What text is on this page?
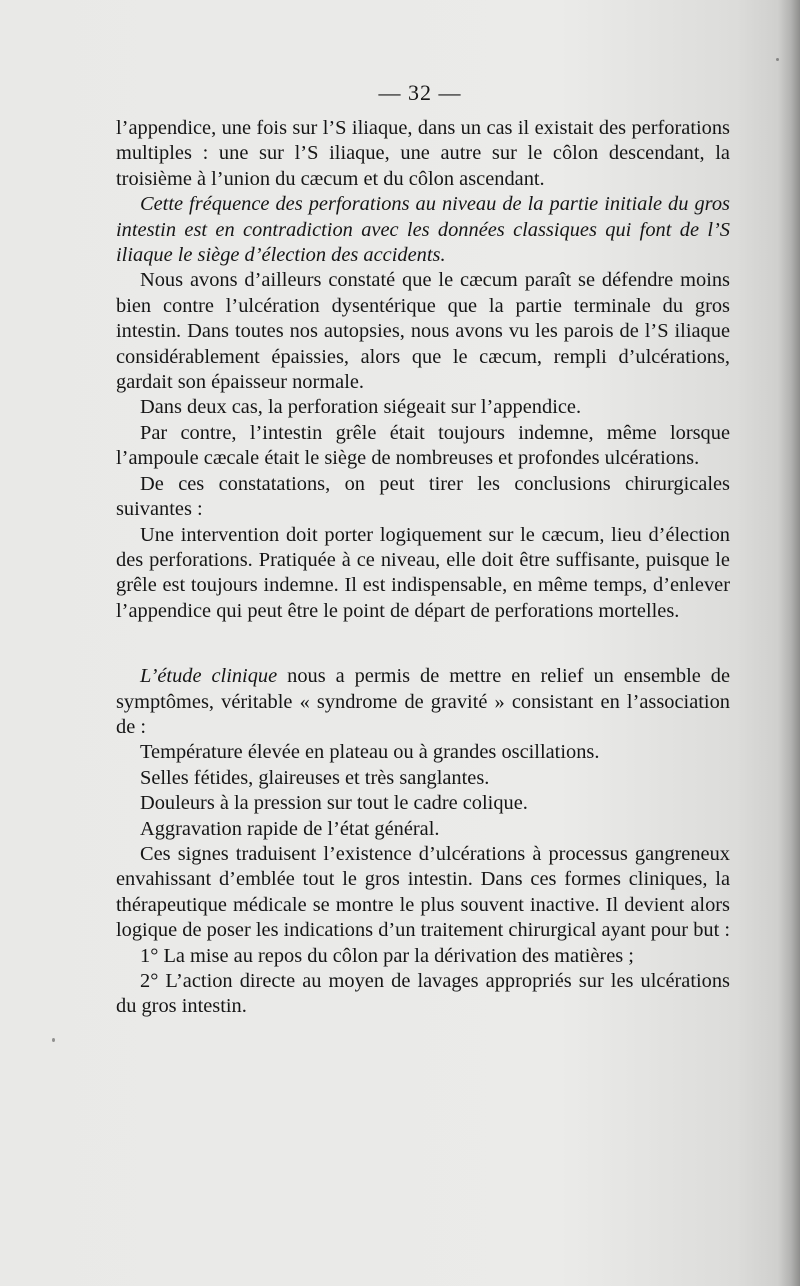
— 32 —

l’appendice, une fois sur l’S iliaque, dans un cas il existait des perforations multiples : une sur l’S iliaque, une autre sur le côlon descendant, la troisième à l’union du cæcum et du côlon ascendant.

Cette fréquence des perforations au niveau de la partie initiale du gros intestin est en contradiction avec les données classiques qui font de l’S iliaque le siège d’élection des accidents.

Nous avons d’ailleurs constaté que le cæcum paraît se défendre moins bien contre l’ulcération dysentérique que la partie terminale du gros intestin. Dans toutes nos autopsies, nous avons vu les parois de l’S iliaque considérablement épaissies, alors que le cæcum, rempli d’ulcérations, gardait son épaisseur normale.

Dans deux cas, la perforation siégeait sur l’appendice.

Par contre, l’intestin grêle était toujours indemne, même lorsque l’ampoule cæcale était le siège de nombreuses et profondes ulcérations.

De ces constatations, on peut tirer les conclusions chirurgicales suivantes :

Une intervention doit porter logiquement sur le cæcum, lieu d’élection des perforations. Pratiquée à ce niveau, elle doit être suffisante, puisque le grêle est toujours indemne. Il est indispensable, en même temps, d’enlever l’appendice qui peut être le point de départ de perforations mortelles.

L’étude clinique nous a permis de mettre en relief un ensemble de symptômes, véritable « syndrome de gravité » consistant en l’association de :

Température élevée en plateau ou à grandes oscillations.

Selles fétides, glaireuses et très sanglantes.

Douleurs à la pression sur tout le cadre colique.

Aggravation rapide de l’état général.

Ces signes traduisent l’existence d’ulcérations à processus gangreneux envahissant d’emblée tout le gros intestin. Dans ces formes cliniques, la thérapeutique médicale se montre le plus souvent inactive. Il devient alors logique de poser les indications d’un traitement chirurgical ayant pour but :

1° La mise au repos du côlon par la dérivation des matières ;

2° L’action directe au moyen de lavages appropriés sur les ulcérations du gros intestin.
